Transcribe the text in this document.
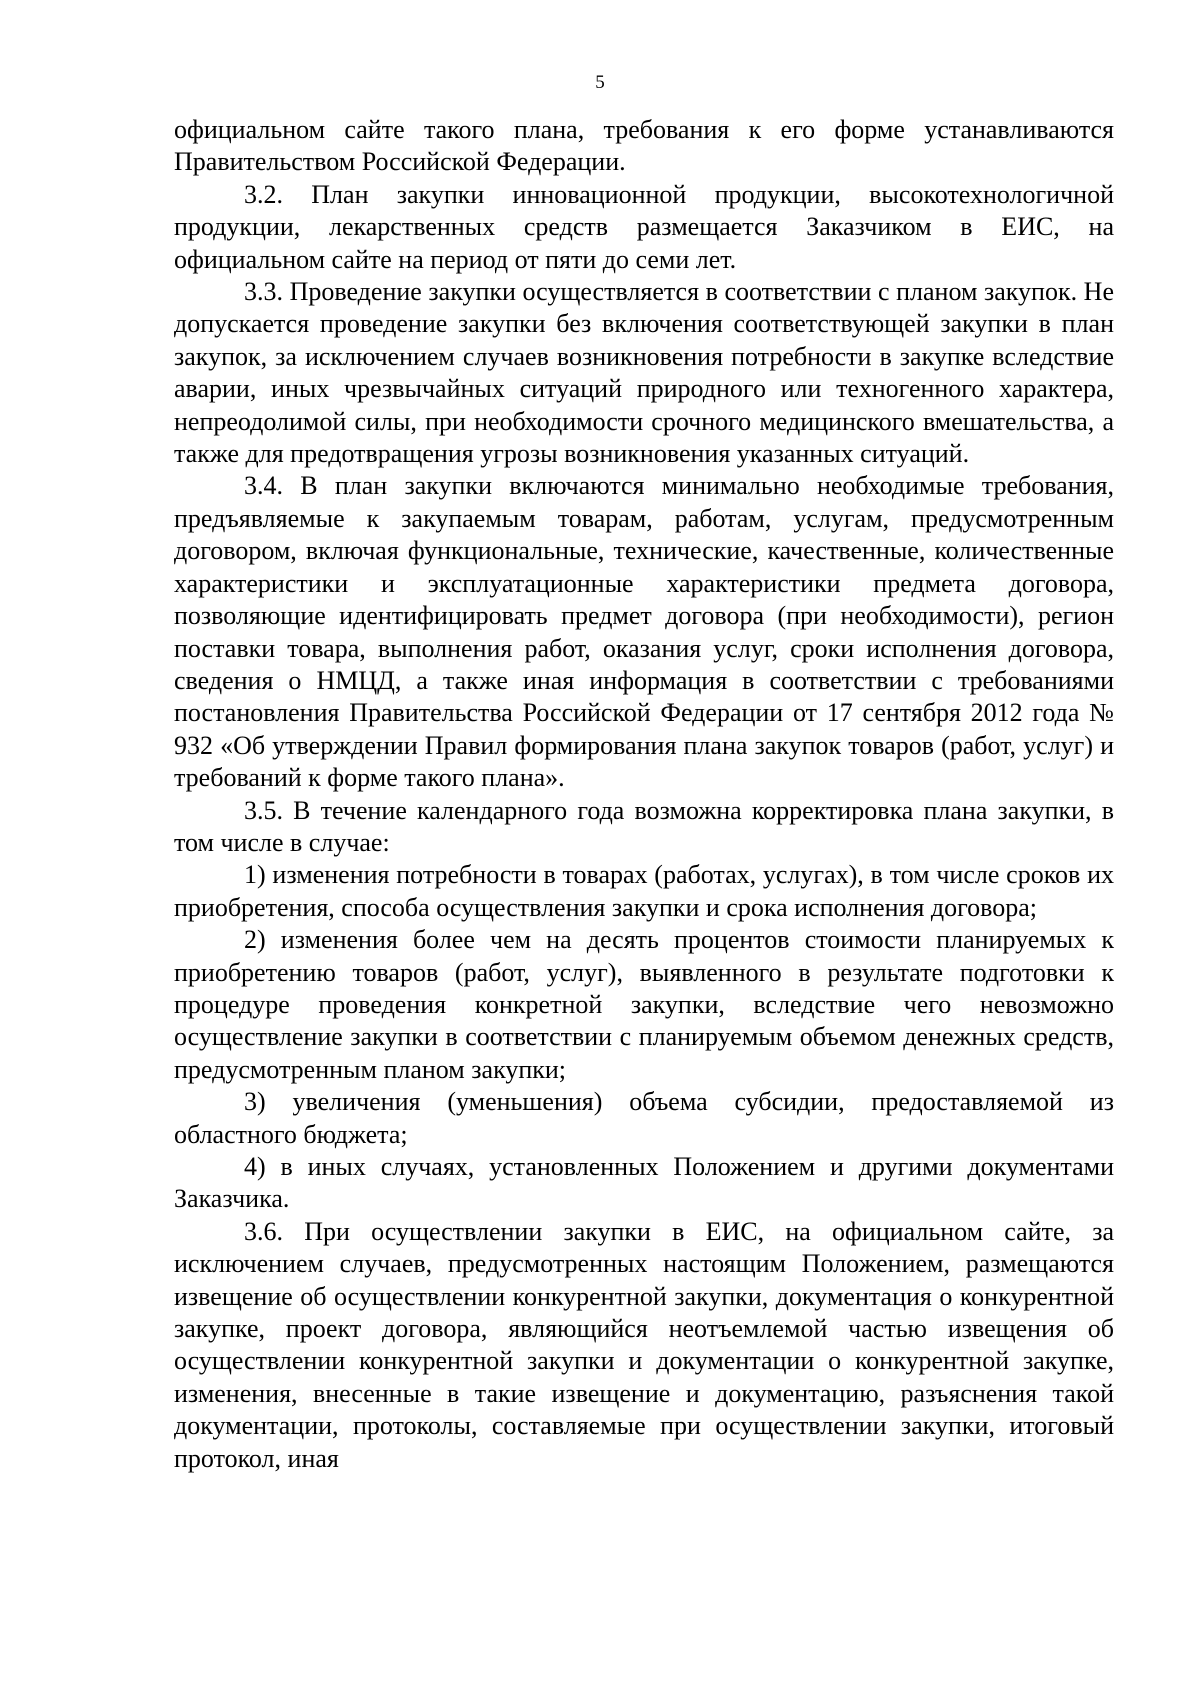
5

официальном сайте такого плана, требования к его форме устанавливаются Правительством Российской Федерации.

3.2. План закупки инновационной продукции, высокотехнологичной продукции, лекарственных средств размещается Заказчиком в ЕИС, на официальном сайте на период от пяти до семи лет.

3.3. Проведение закупки осуществляется в соответствии с планом закупок. Не допускается проведение закупки без включения соответствующей закупки в план закупок, за исключением случаев возникновения потребности в закупке вследствие аварии, иных чрезвычайных ситуаций природного или техногенного характера, непреодолимой силы, при необходимости срочного медицинского вмешательства, а также для предотвращения угрозы возникновения указанных ситуаций.

3.4. В план закупки включаются минимально необходимые требования, предъявляемые к закупаемым товарам, работам, услугам, предусмотренным договором, включая функциональные, технические, качественные, количественные характеристики и эксплуатационные характеристики предмета договора, позволяющие идентифицировать предмет договора (при необходимости), регион поставки товара, выполнения работ, оказания услуг, сроки исполнения договора, сведения о НМЦД, а также иная информация в соответствии с требованиями постановления Правительства Российской Федерации от 17 сентября 2012 года № 932 «Об утверждении Правил формирования плана закупок товаров (работ, услуг) и требований к форме такого плана».

3.5. В течение календарного года возможна корректировка плана закупки, в том числе в случае:

1) изменения потребности в товарах (работах, услугах), в том числе сроков их приобретения, способа осуществления закупки и срока исполнения договора;

2) изменения более чем на десять процентов стоимости планируемых к приобретению товаров (работ, услуг), выявленного в результате подготовки к процедуре проведения конкретной закупки, вследствие чего невозможно осуществление закупки в соответствии с планируемым объемом денежных средств, предусмотренным планом закупки;

3) увеличения (уменьшения) объема субсидии, предоставляемой из областного бюджета;

4) в иных случаях, установленных Положением и другими документами Заказчика.

3.6. При осуществлении закупки в ЕИС, на официальном сайте, за исключением случаев, предусмотренных настоящим Положением, размещаются извещение об осуществлении конкурентной закупки, документация о конкурентной закупке, проект договора, являющийся неотъемлемой частью извещения об осуществлении конкурентной закупки и документации о конкурентной закупке, изменения, внесенные в такие извещение и документацию, разъяснения такой документации, протоколы, составляемые при осуществлении закупки, итоговый протокол, иная
